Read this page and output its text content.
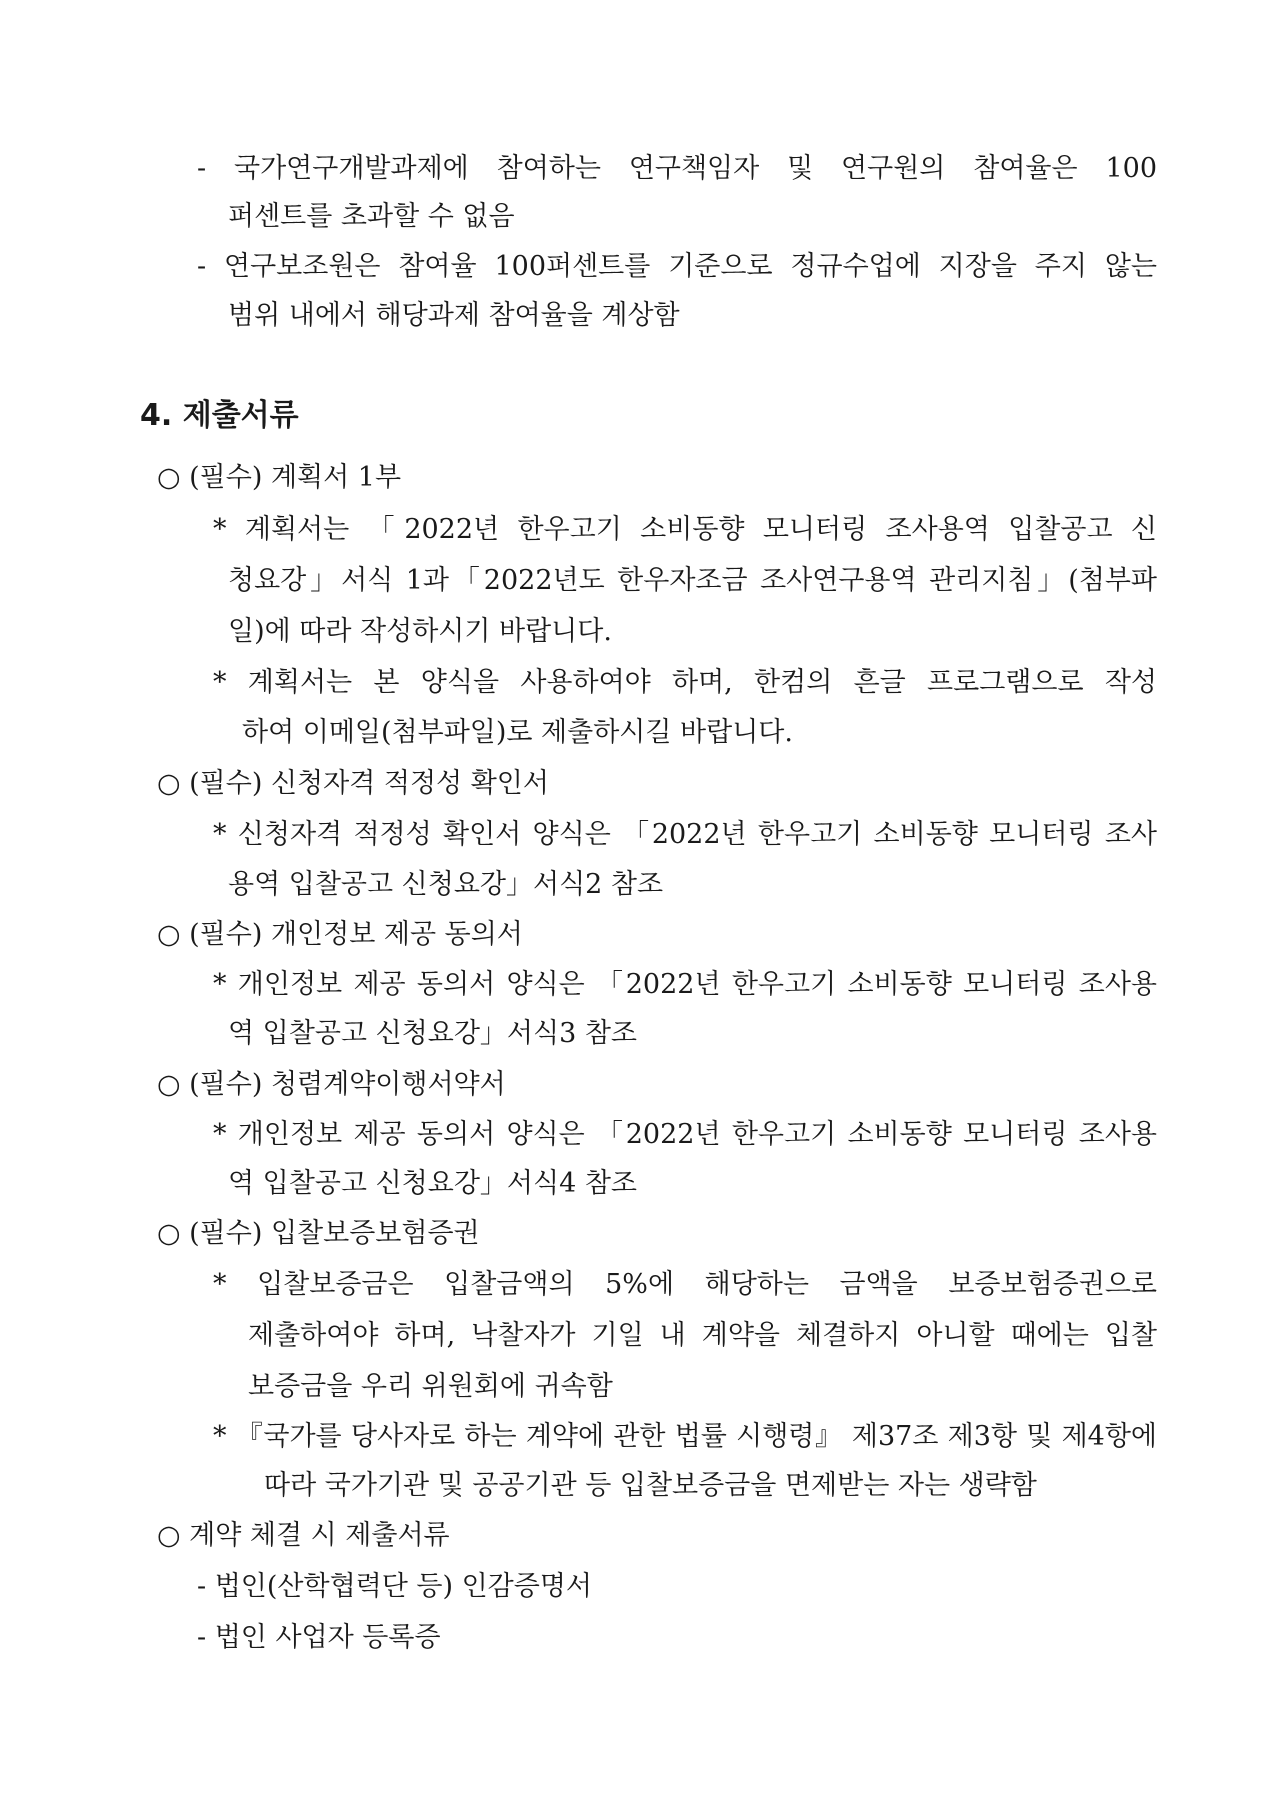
- 국가연구개발과제에 참여하는 연구책임자 및 연구원의 참여율은 100
퍼센트를 초과할 수 없음
- 연구보조원은 참여율 100퍼센트를 기준으로 정규수업에 지장을 주지 않는
범위 내에서 해당과제 참여율을 계상함
4. 제출서류
○ (필수) 계획서 1부
* 계획서는 「2022년 한우고기 소비동향 모니터링 조사용역 입찰공고 신
청요강」서식 1과「2022년도 한우자조금 조사연구용역 관리지침」(첨부파
일)에 따라 작성하시기 바랍니다.
* 계획서는 본 양식을 사용하여야 하며, 한컴의 흔글 프로그램으로 작성
하여 이메일(첨부파일)로 제출하시길 바랍니다.
○ (필수) 신청자격 적정성 확인서
* 신청자격 적정성 확인서 양식은 「2022년 한우고기 소비동향 모니터링 조사
용역 입찰공고 신청요강」서식2 참조
○ (필수) 개인정보 제공 동의서
* 개인정보 제공 동의서 양식은 「2022년 한우고기 소비동향 모니터링 조사용
역 입찰공고 신청요강」서식3 참조
○ (필수) 청렴계약이행서약서
* 개인정보 제공 동의서 양식은 「2022년 한우고기 소비동향 모니터링 조사용
역 입찰공고 신청요강」서식4 참조
○ (필수) 입찰보증보험증권
* 입찰보증금은 입찰금액의 5%에 해당하는 금액을 보증보험증권으로
제출하여야 하며, 낙찰자가 기일 내 계약을 체결하지 아니할 때에는 입찰
보증금을 우리 위원회에 귀속함
* 『국가를 당사자로 하는 계약에 관한 법률 시행령』 제37조 제3항 및 제4항에
따라 국가기관 및 공공기관 등 입찰보증금을 면제받는 자는 생략함
○ 계약 체결 시 제출서류
- 법인(산학협력단 등) 인감증명서
- 법인 사업자 등록증
